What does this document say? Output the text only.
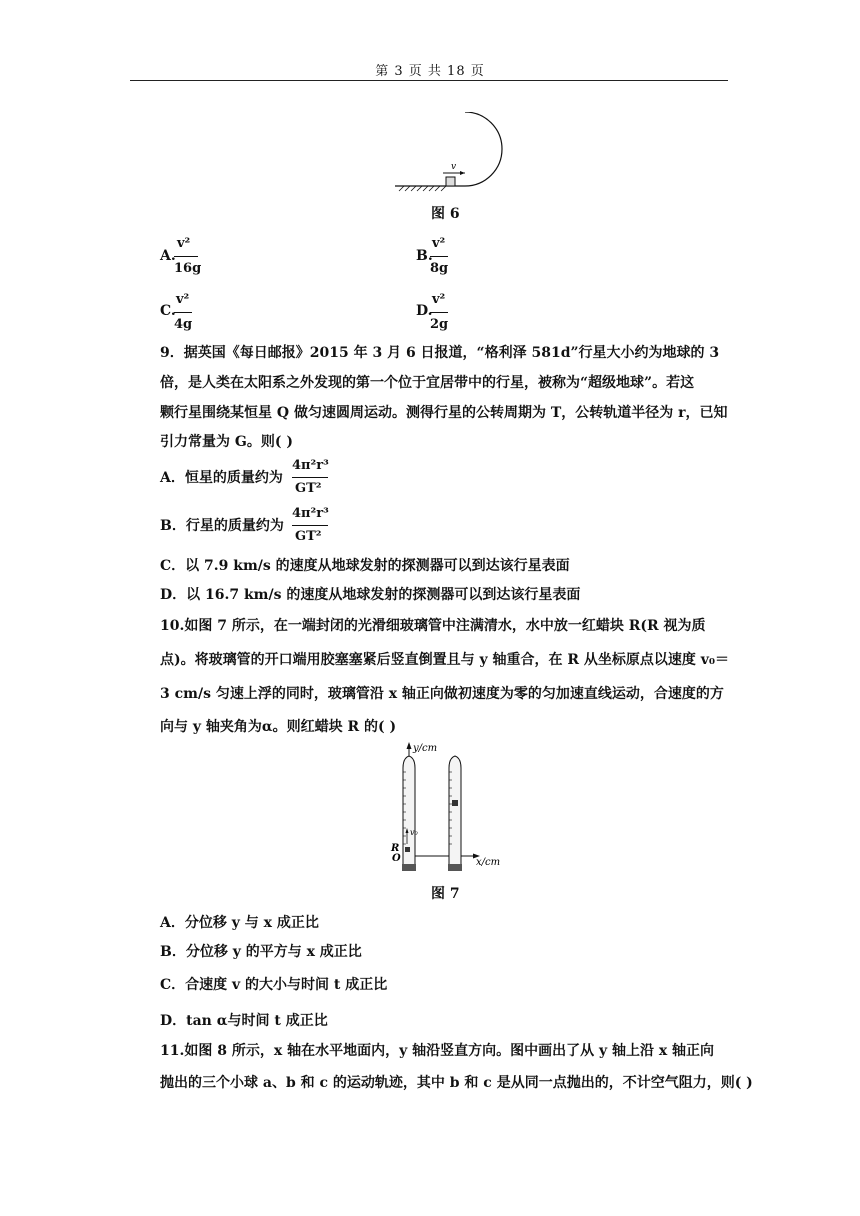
第 3 页 共 18 页
v
图 6
A.
v²
16g
B.
v²
8g
C.
v²
4g
D.
v²
2g
9．据英国《每日邮报》2015 年 3 月 6 日报道，“格利泽 581d”行星大小约为地球的 3
倍，是人类在太阳系之外发现的第一个位于宜居带中的行星，被称为“超级地球”。若这
颗行星围绕某恒星 Q 做匀速圆周运动。测得行星的公转周期为 T，公转轨道半径为 r，已知
引力常量为 G。则( )
A．恒星的质量约为
4π²r³
GT²
B．行星的质量约为
4π²r³
GT²
C．以 7.9 km/s 的速度从地球发射的探测器可以到达该行星表面
D．以 16.7 km/s 的速度从地球发射的探测器可以到达该行星表面
10.如图 7 所示，在一端封闭的光滑细玻璃管中注满清水，水中放一红蜡块 R(R 视为质
点)。将玻璃管的开口端用胶塞塞紧后竖直倒置且与 y 轴重合，在 R 从坐标原点以速度 v₀＝
3 cm/s 匀速上浮的同时，玻璃管沿 x 轴正向做初速度为零的匀加速直线运动，合速度的方
向与 y 轴夹角为α。则红蜡块 R 的( )
y/cm
x/cm
v₀
R
O
图 7
A．分位移 y 与 x 成正比
B．分位移 y 的平方与 x 成正比
C．合速度 v 的大小与时间 t 成正比
D．tan α与时间 t 成正比
11.如图 8 所示，x 轴在水平地面内，y 轴沿竖直方向。图中画出了从 y 轴上沿 x 轴正向
抛出的三个小球 a、b 和 c 的运动轨迹，其中 b 和 c 是从同一点抛出的，不计空气阻力，则( )
